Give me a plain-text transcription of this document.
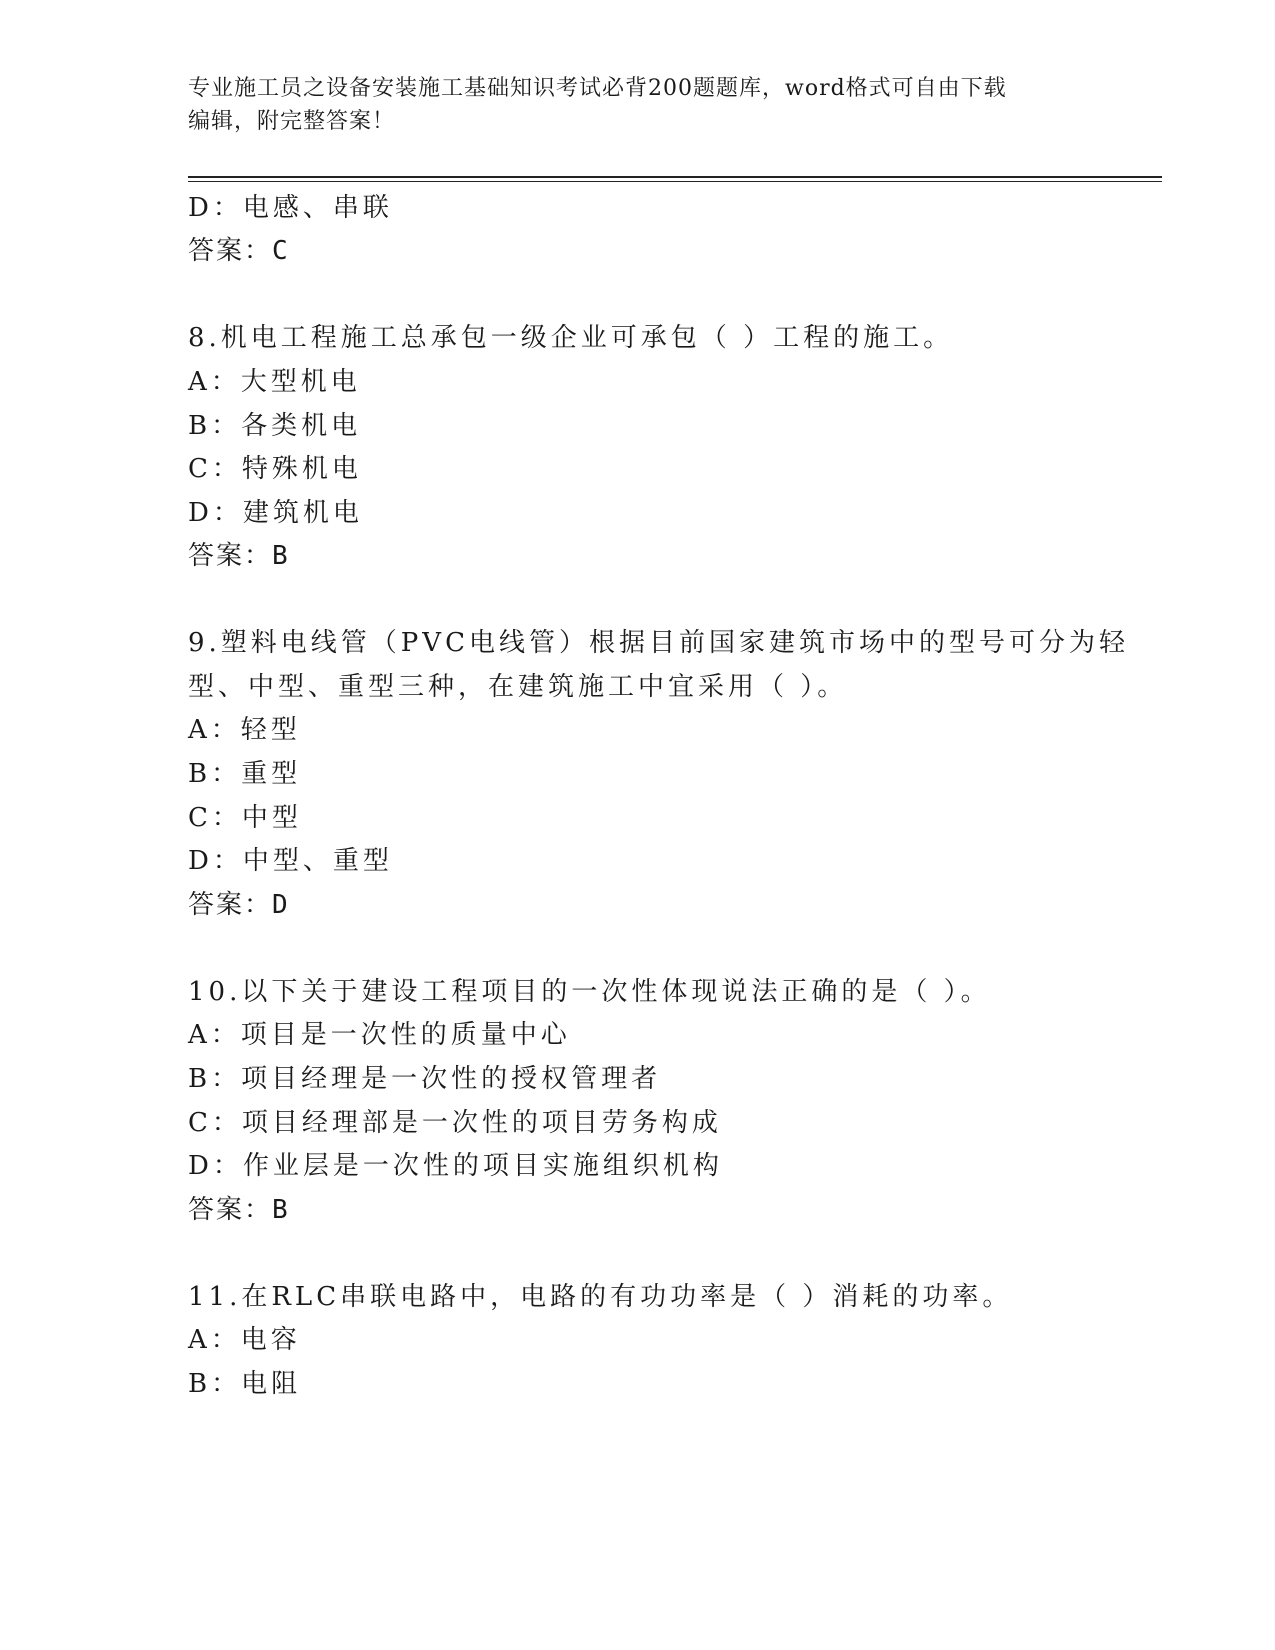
专业施工员之设备安装施工基础知识考试必背200题题库，word格式可自由下载
编辑，附完整答案！
D：电感、串联
答案：C
8.机电工程施工总承包一级企业可承包（ ）工程的施工。
A：大型机电
B：各类机电
C：特殊机电
D：建筑机电
答案：B
9.塑料电线管（PVC电线管）根据目前国家建筑市场中的型号可分为轻
型、中型、重型三种，在建筑施工中宜采用（ ）。
A：轻型
B：重型
C：中型
D：中型、重型
答案：D
10.以下关于建设工程项目的一次性体现说法正确的是（ ）。
A：项目是一次性的质量中心
B：项目经理是一次性的授权管理者
C：项目经理部是一次性的项目劳务构成
D：作业层是一次性的项目实施组织机构
答案：B
11.在RLC串联电路中，电路的有功功率是（ ）消耗的功率。
A：电容
B：电阻
